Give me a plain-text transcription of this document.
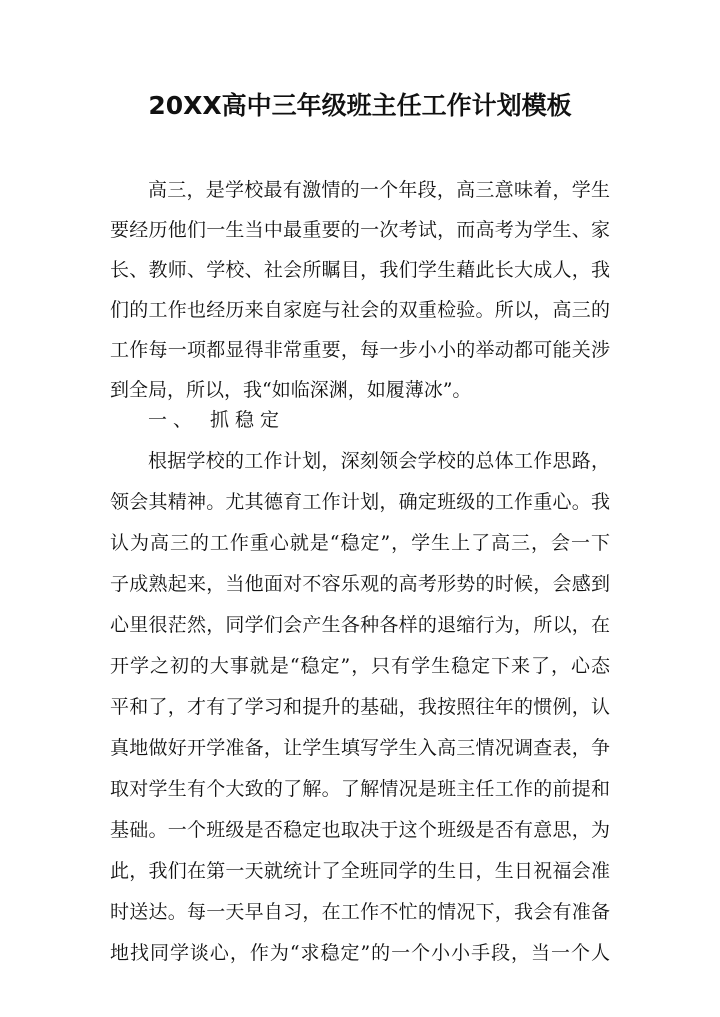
20XX高中三年级班主任工作计划模板
高三，是学校最有激情的一个年段，高三意味着，学生
要经历他们一生当中最重要的一次考试，而高考为学生、家
长、教师、学校、社会所瞩目，我们学生藉此长大成人，我
们的工作也经历来自家庭与社会的双重检验。所以，高三的
工作每一项都显得非常重要，每一步小小的举动都可能关涉
到全局，所以，我“如临深渊，如履薄冰”。
一、 抓稳定
根据学校的工作计划，深刻领会学校的总体工作思路，
领会其精神。尤其德育工作计划，确定班级的工作重心。我
认为高三的工作重心就是“稳定”，学生上了高三，会一下
子成熟起来，当他面对不容乐观的高考形势的时候，会感到
心里很茫然，同学们会产生各种各样的退缩行为，所以，在
开学之初的大事就是“稳定”，只有学生稳定下来了，心态
平和了，才有了学习和提升的基础，我按照往年的惯例，认
真地做好开学准备，让学生填写学生入高三情况调查表，争
取对学生有个大致的了解。了解情况是班主任工作的前提和
基础。一个班级是否稳定也取决于这个班级是否有意思，为
此，我们在第一天就统计了全班同学的生日，生日祝福会准
时送达。每一天早自习，在工作不忙的情况下，我会有准备
地找同学谈心，作为“求稳定”的一个小小手段，当一个人
